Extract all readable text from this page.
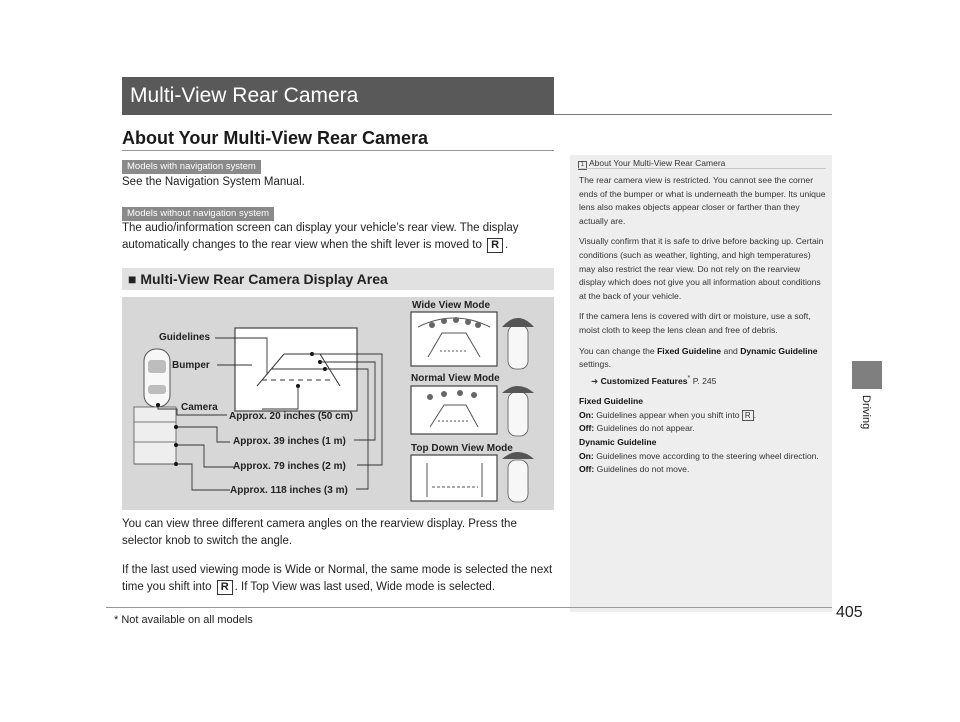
Multi-View Rear Camera
About Your Multi-View Rear Camera
Models with navigation system
See the Navigation System Manual.
Models without navigation system
The audio/information screen can display your vehicle’s rear view. The display
automatically changes to the rear view when the shift lever is moved to R .
■ Multi-View Rear Camera Display Area
Guidelines
Bumper
Camera
Approx. 20 inches (50 cm)
Approx. 39 inches (1 m)
Approx. 79 inches (2 m)
Approx. 118 inches (3 m)
Wide View Mode
Normal View Mode
Top Down View Mode
You can view three different camera angles on the rearview display. Press the
selector knob to switch the angle.
If the last used viewing mode is Wide or Normal, the same mode is selected the next
time you shift into R . If Top View was last used, Wide mode is selected.
1 About Your Multi-View Rear Camera

The rear camera view is restricted. You cannot see the corner ends of the bumper or what is underneath the bumper. Its unique lens also makes objects appear closer or farther than they actually are.

Visually confirm that it is safe to drive before backing up. Certain conditions (such as weather, lighting, and high temperatures) may also restrict the rear view. Do not rely on the rearview display which does not give you all information about conditions at the back of your vehicle.

If the camera lens is covered with dirt or moisture, use a soft, moist cloth to keep the lens clean and free of debris.

You can change the Fixed Guideline and Dynamic Guideline settings.

➜ Customized Features* P. 245

Fixed Guideline
On: Guidelines appear when you shift into R .
Off: Guidelines do not appear.
Dynamic Guideline
On: Guidelines move according to the steering wheel direction.
Off: Guidelines do not move.
Driving
405
* Not available on all models
